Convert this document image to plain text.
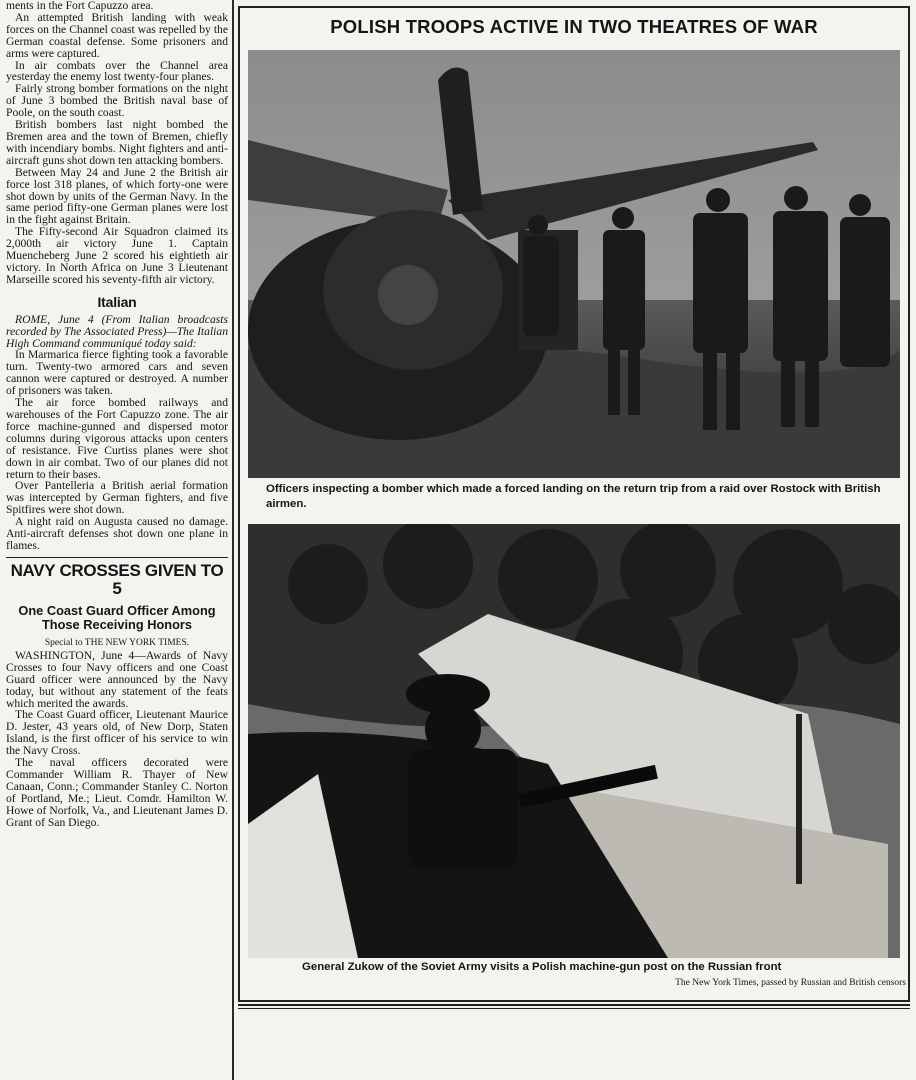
ments in the Fort Capuzzo area.

An attempted British landing with weak forces on the Channel coast was repelled by the German coastal defense. Some prisoners and arms were captured.

In air combats over the Channel area yesterday the enemy lost twenty-four planes.

Fairly strong bomber formations on the night of June 3 bombed the British naval base of Poole, on the south coast.

British bombers last night bombed the Bremen area and the town of Bremen, chiefly with incendiary bombs. Night fighters and anti-aircraft guns shot down ten attacking bombers.

Between May 24 and June 2 the British air force lost 318 planes, of which forty-one were shot down by units of the German Navy. In the same period fifty-one German planes were lost in the fight against Britain.

The Fifty-second Air Squadron claimed its 2,000th air victory June 1. Captain Muencheberg June 2 scored his eightieth air victory. In North Africa on June 3 Lieutenant Marseille scored his seventy-fifth air victory.

Italian

ROME, June 4 (From Italian broadcasts recorded by The Associated Press)—The Italian High Command communiqué today said:

In Marmarica fierce fighting took a favorable turn. Twenty-two armored cars and seven cannon were captured or destroyed. A number of prisoners was taken.

The air force bombed railways and warehouses of the Fort Capuzzo zone. The air force machine-gunned and dispersed motor columns during vigorous attacks upon centers of resistance. Five Curtiss planes were shot down in air combat. Two of our planes did not return to their bases.

Over Pantelleria a British aerial formation was intercepted by German fighters, and five Spitfires were shot down.

A night raid on Augusta caused no damage. Anti-aircraft defenses shot down one plane in flames.

NAVY CROSSES GIVEN TO 5
One Coast Guard Officer Among Those Receiving Honors
Special to THE NEW YORK TIMES.

WASHINGTON, June 4—Awards of Navy Crosses to four Navy officers and one Coast Guard officer were announced by the Navy today, but without any statement of the feats which merited the awards.

The Coast Guard officer, Lieutenant Maurice D. Jester, 43 years old, of New Dorp, Staten Island, is the first officer of his service to win the Navy Cross.

The naval officers decorated were Commander William R. Thayer of New Canaan, Conn.; Commander Stanley C. Norton of Portland, Me.; Lieut. Comdr. Hamilton W. Howe of Norfolk, Va., and Lieutenant James D. Grant of San Diego.

POLISH TROOPS ACTIVE IN TWO THEATRES OF WAR
Officers inspecting a bomber which made a forced landing on the return trip from a raid over Rostock with British airmen.
General Zukow of the Soviet Army visits a Polish machine-gun post on the Russian front
The New York Times, passed by Russian and British censors
